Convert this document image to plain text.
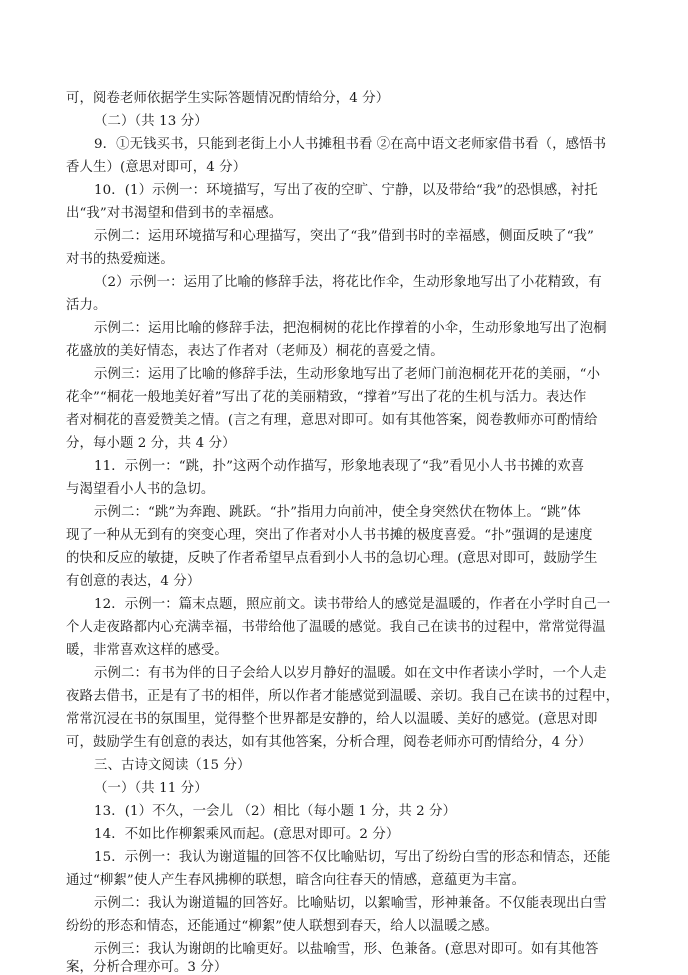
可，阅卷老师依据学生实际答题情况酌情给分，4 分）
（二）（共 13 分）
9．①无钱买书，只能到老街上小人书摊租书看 ②在高中语文老师家借书看（，感悟书
香人生）(意思对即可，4 分）
10．(1）示例一：环境描写，写出了夜的空旷、宁静，以及带给“我”的恐惧感，衬托
出“我”对书渴望和借到书的幸福感。
示例二：运用环境描写和心理描写，突出了“我”借到书时的幸福感，侧面反映了“我”
对书的热爱痴迷。
（2）示例一：运用了比喻的修辞手法，将花比作伞，生动形象地写出了小花精致，有
活力。
示例二：运用比喻的修辞手法，把泡桐树的花比作撑着的小伞，生动形象地写出了泡桐
花盛放的美好情态，表达了作者对（老师及）桐花的喜爱之情。
示例三：运用了比喻的修辞手法，生动形象地写出了老师门前泡桐花开花的美丽，“小
花伞”“桐花一般地美好着”写出了花的美丽精致，“撑着”写出了花的生机与活力。表达作
者对桐花的喜爱赞美之情。(言之有理，意思对即可。如有其他答案，阅卷教师亦可酌情给
分，每小题 2 分，共 4 分）
11．示例一：“跳，扑”这两个动作描写，形象地表现了“我”看见小人书书摊的欢喜
与渴望看小人书的急切。
示例二：“跳”为奔跑、跳跃。“扑”指用力向前冲，使全身突然伏在物体上。“跳”体
现了一种从无到有的突变心理，突出了作者对小人书书摊的极度喜爱。“扑”强调的是速度
的快和反应的敏捷，反映了作者希望早点看到小人书的急切心理。(意思对即可，鼓励学生
有创意的表达，4 分）
12．示例一：篇末点题，照应前文。读书带给人的感觉是温暖的，作者在小学时自己一
个人走夜路都内心充满幸福，书带给他了温暖的感觉。我自己在读书的过程中，常常觉得温
暖，非常喜欢这样的感受。
示例二：有书为伴的日子会给人以岁月静好的温暖。如在文中作者读小学时，一个人走
夜路去借书，正是有了书的相伴，所以作者才能感觉到温暖、亲切。我自己在读书的过程中，
常常沉浸在书的氛围里，觉得整个世界都是安静的，给人以温暖、美好的感觉。(意思对即
可，鼓励学生有创意的表达，如有其他答案，分析合理，阅卷老师亦可酌情给分，4 分）
三、古诗文阅读（15 分）
（一）（共 11 分）
13．(1）不久，一会儿 （2）相比（每小题 1 分，共 2 分）
14．不如比作柳絮乘风而起。(意思对即可。2 分）
15．示例一：我认为谢道韫的回答不仅比喻贴切，写出了纷纷白雪的形态和情态，还能
通过“柳絮”使人产生春风拂柳的联想，暗含向往春天的情感，意蕴更为丰富。
示例二：我认为谢道韫的回答好。比喻贴切，以絮喻雪，形神兼备。不仅能表现出白雪
纷纷的形态和情态，还能通过“柳絮”使人联想到春天，给人以温暖之感。
示例三：我认为谢朗的比喻更好。以盐喻雪，形、色兼备。(意思对即可。如有其他答
案，分析合理亦可。3 分）
